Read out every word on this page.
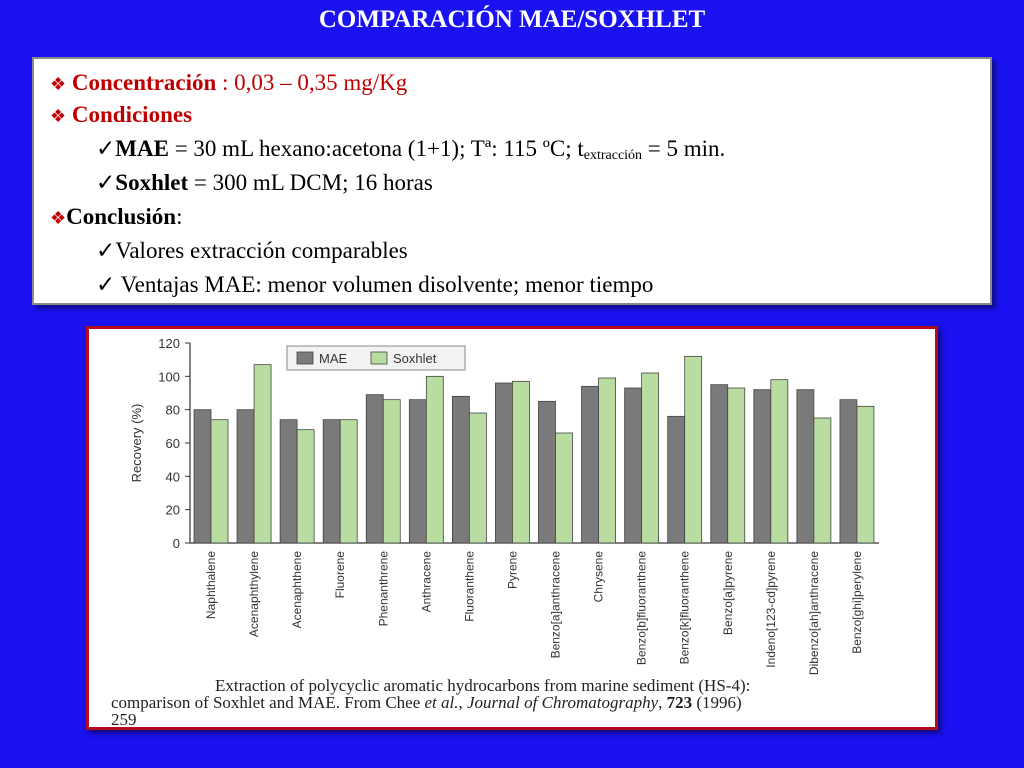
COMPARACIÓN MAE/SOXHLET
❖ Concentración : 0,03 – 0,35 mg/Kg
❖ Condiciones
✓MAE = 30 mL hexano:acetona (1+1); Tª: 115 ºC; $t_{extracción} = 5$ min.
✓Soxhlet = 300 mL DCM; 16 horas
❖Conclusión:
✓Valores extracción comparables
✓ Ventajas MAE: menor volumen disolvente; menor tiempo
0
20
40
60
80
100
120
Recovery (%)
Naphthalene Acenaphthylene Acenaphthene Fluorene Phenanthrene Anthracene Fluoranthene Pyrene Benzo[a]anthracene Chrysene Benzo[b]fluoranthene Benzo[k]fluoranthene Benzo[a]pyrene Indeno[123-cd]pyrene Dibenzo[ah]anthracene Benzo[ghi]perylene
MAE	Soxhlet
Extraction of polycyclic aromatic hydrocarbons from marine sediment (HS-4):
comparison of Soxhlet and MAE. From Chee et al., Journal of Chromatography, 723 (1996)
259
